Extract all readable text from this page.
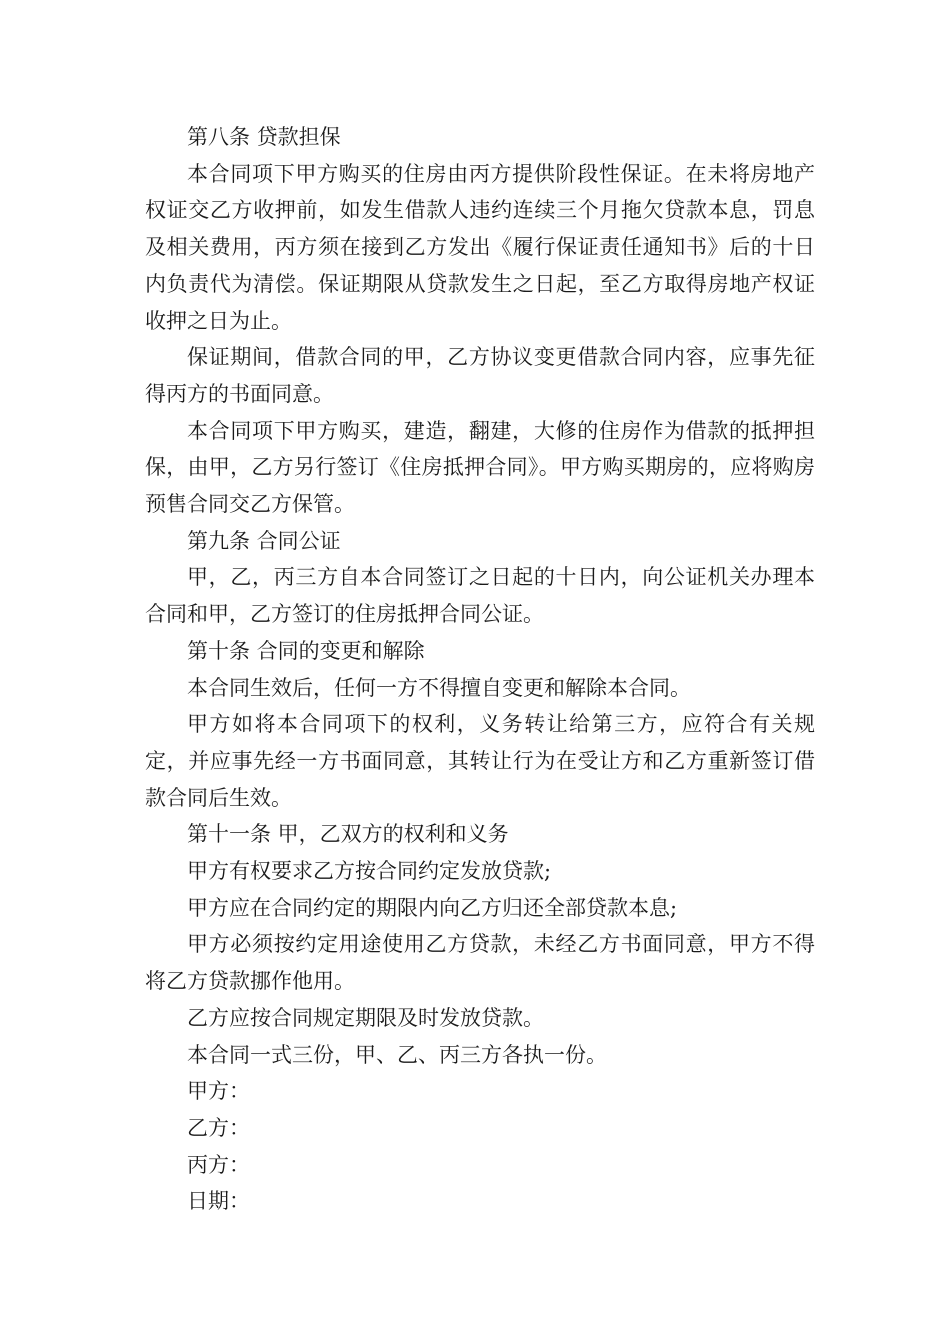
第八条 贷款担保

本合同项下甲方购买的住房由丙方提供阶段性保证。在未将房地产权证交乙方收押前，如发生借款人违约连续三个月拖欠贷款本息，罚息及相关费用，丙方须在接到乙方发出《履行保证责任通知书》后的十日内负责代为清偿。保证期限从贷款发生之日起，至乙方取得房地产权证收押之日为止。

保证期间，借款合同的甲，乙方协议变更借款合同内容，应事先征得丙方的书面同意。

本合同项下甲方购买，建造，翻建，大修的住房作为借款的抵押担保，由甲，乙方另行签订《住房抵押合同》。甲方购买期房的，应将购房预售合同交乙方保管。

第九条 合同公证

甲，乙，丙三方自本合同签订之日起的十日内，向公证机关办理本合同和甲，乙方签订的住房抵押合同公证。

第十条 合同的变更和解除

本合同生效后，任何一方不得擅自变更和解除本合同。

甲方如将本合同项下的权利，义务转让给第三方，应符合有关规定，并应事先经一方书面同意，其转让行为在受让方和乙方重新签订借款合同后生效。

第十一条 甲，乙双方的权利和义务

甲方有权要求乙方按合同约定发放贷款;

甲方应在合同约定的期限内向乙方归还全部贷款本息;

甲方必须按约定用途使用乙方贷款，未经乙方书面同意，甲方不得将乙方贷款挪作他用。

乙方应按合同规定期限及时发放贷款。

本合同一式三份，甲、乙、丙三方各执一份。

甲方：

乙方：

丙方：

日期：
